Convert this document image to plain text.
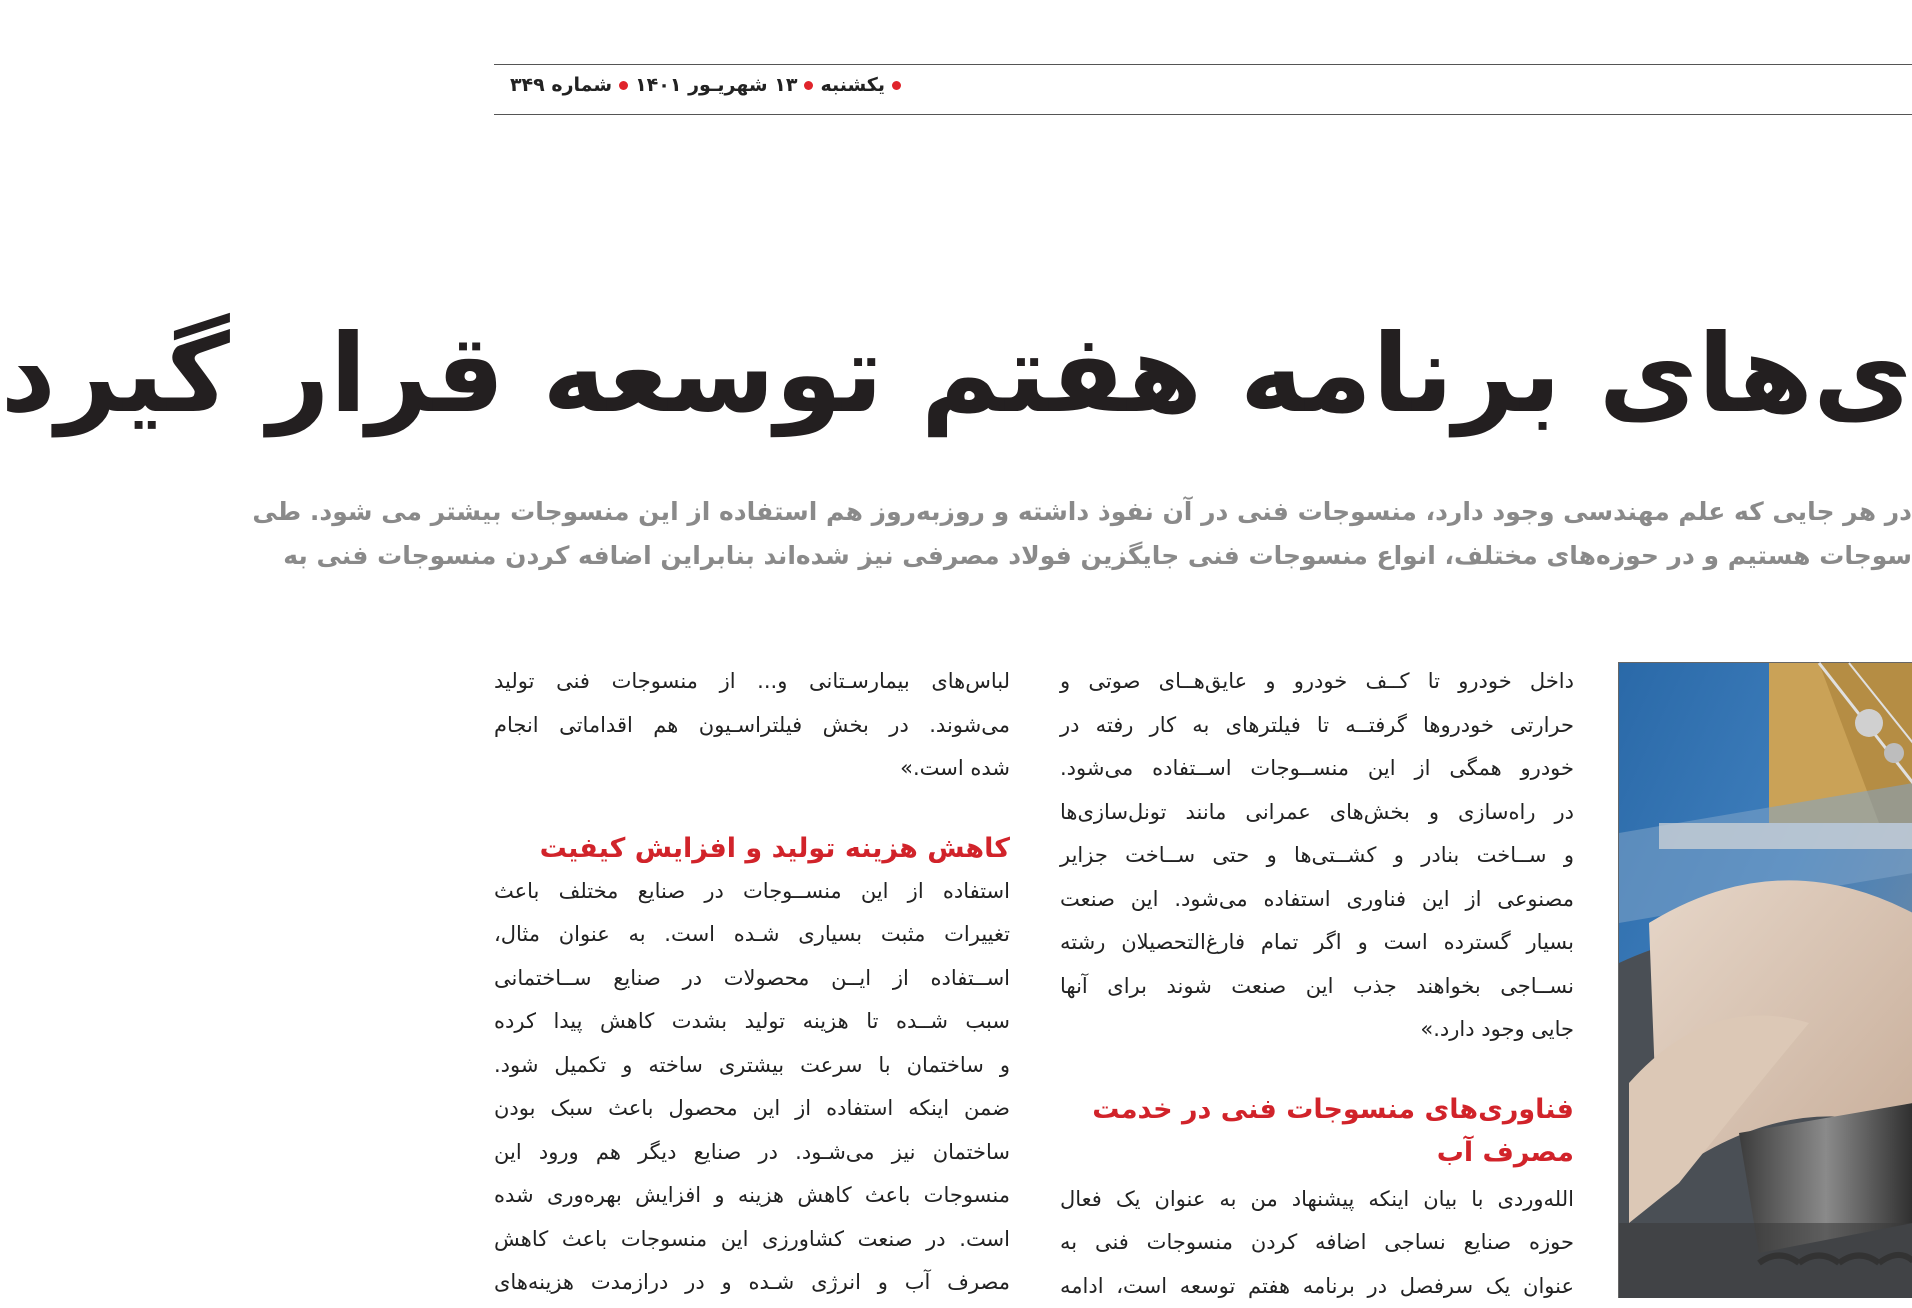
یکشنبه
۱۳ شهریـور ۱۴۰۱
شماره ۳۴۹
ی‌های برنامه هفتم توسعه قرار گیرد
در هر جایی که علم مهندسی وجود دارد، منسوجات فنی در آن نفوذ داشته و روزبه‌روز هم استفاده از این منسوجات بیشتر می شود. طی
سوجات هستیم و در حوزه‌های مختلف، انواع منسوجات فنی جایگزین فولاد مصرفی نیز شده‌اند بنابراین اضافه کردن منسوجات فنی به
لباس‌های بیمارسـتانی و... از منسوجات فنی تولید
می‌شوند. در بخش فیلتراسـیون هم اقداماتی انجام
شده است.»
کاهش هزینه تولید و افزایش کیفیت
استفاده از این منســوجات در صنایع مختلف باعث
تغییرات مثبت بسیاری شـده است. به عنوان مثال،
اســتفاده از ایــن محصولات در صنایع ســاختمانی
سبب شــده تا هزینه تولید بشدت کاهش پیدا کرده
و ساختمان با سرعت بیشتری ساخته و تکمیل شود.
ضمن اینکه استفاده از این محصول باعث سبک بودن
ساختمان نیز می‌شـود. در صنایع دیگر هم ورود این
منسوجات باعث کاهش هزینه و افزایش بهره‌وری شده
است. در صنعت کشاورزی این منسوجات باعث کاهش
مصرف آب و انرژی شـده و در درازمدت هزینه‌های
داخل خودرو تا کــف خودرو و عایق‌هــای صوتی و
حرارتی خودروها گرفتــه تا فیلترهای به کار رفته در
خودرو همگی از این منســوجات اســتفاده می‌شود.
در راه‌سازی و بخش‌های عمرانی مانند تونل‌سازی‌ها
و ســاخت بنادر و کشــتی‌ها و حتی ســاخت جزایر
مصنوعی از این فناوری استفاده می‌شود. این صنعت
بسیار گسترده است و اگر تمام فارغ‌التحصیلان رشته
نســاجی بخواهند جذب این صنعت شوند برای آنها
جایی وجود دارد.»
فناوری‌های منسوجات فنی در خدمت
مصرف آب
الله‌وردی با بیان اینکه پیشنهاد من به عنوان یک فعال
حوزه صنایع نساجی اضافه کردن منسوجات فنی به
عنوان یک سرفصل در برنامه هفتم توسعه است، ادامه
